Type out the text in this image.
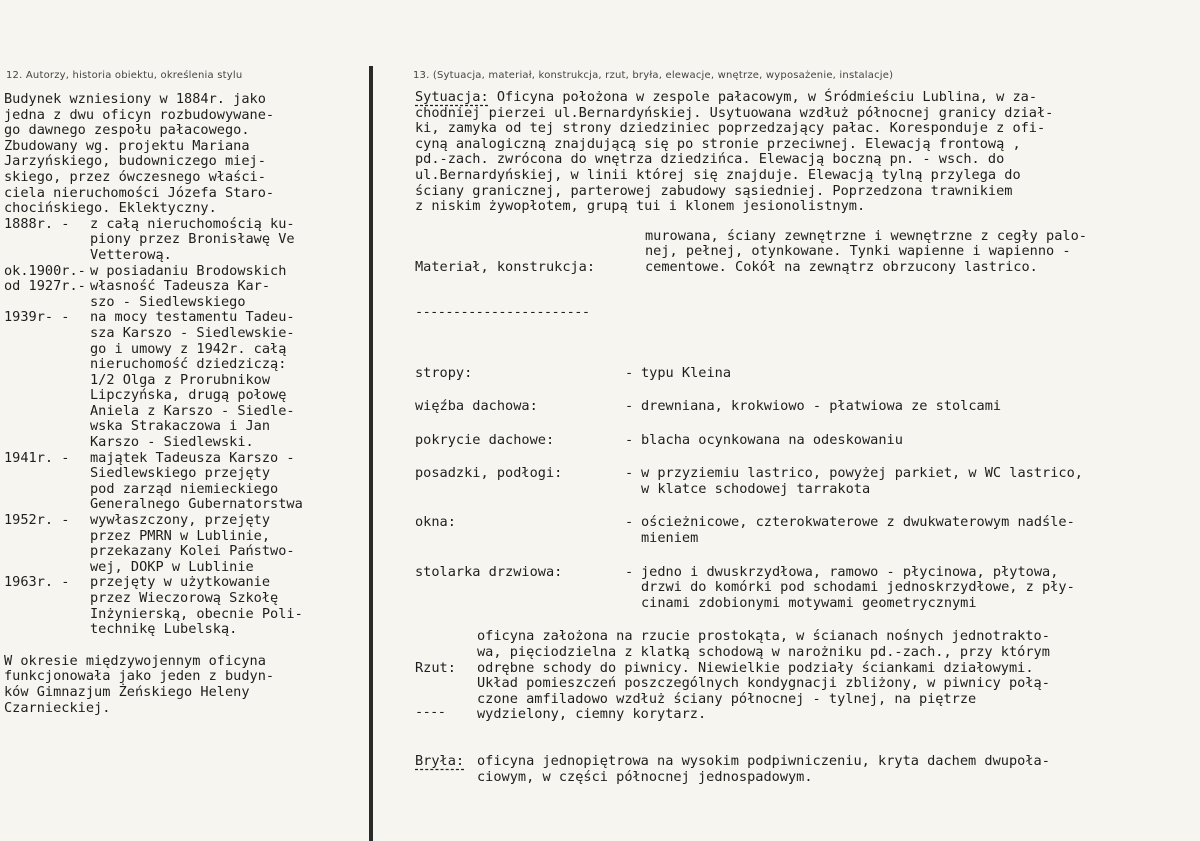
12. Autorzy, historia obiektu, określenia stylu	13. (Sytuacja, materiał, konstrukcja, rzut, bryła, elewacje, wnętrze, wyposażenie, instalacje)
Budynek wzniesiony w 1884r. jako
jedna z dwu oficyn rozbudowywane-
go dawnego zespołu pałacowego.
Zbudowany wg. projektu Mariana
Jarzyńskiego, budowniczego miej-
skiego, przez ówczesnego właści-
ciela nieruchomości Józefa Staro-
chocińskiego. Eklektyczny.
1888r. -	z całą nieruchomością ku-
piony przez Bronisławę Ve
Vetterową.
ok.1900r.- w posiadaniu Brodowskich
od 1927r.- własność Tadeusza Kar-
szo - Siedlewskiego
1939r- -	na mocy testamentu Tadeu-
sza Karszo - Siedlewskie-
go i umowy z 1942r. całą
nieruchomość dziedziczą:
1/2 Olga z Prorubnikow
Lipczyńska, drugą połowę
Aniela z Karszo - Siedle-
wska Strakaczowa i Jan
Karszo - Siedlewski.
1941r. -	majątek Tadeusza Karszo -
Siedlewskiego przejęty
pod zarząd niemieckiego
Generalnego Gubernatorstwa
1952r. -	wywłaszczony, przejęty
przez PMRN w Lublinie,
przekazany Kolei Państwo-
wej, DOKP w Lublinie
1963r. -	przejęty w użytkowanie
przez Wieczorową Szkołę
Inżynierską, obecnie Poli-
technikę Lubelską.
W okresie międzywojennym oficyna
funkcjonowała jako jeden z budyn-
ków Gimnazjum Żeńskiego Heleny
Czarnieckiej.
Sytuacja: Oficyna położona w zespole pałacowym, w Śródmieściu Lublina, w za-
chodniej pierzei ul.Bernardyńskiej. Usytuowana wzdłuż północnej granicy dział-
ki, zamyka od tej strony dziedziniec poprzedzający pałac. Koresponduje z ofi-
cyną analogiczną znajdującą się po stronie przeciwnej. Elewacją frontową ,
pd.-zach. zwrócona do wnętrza dziedzińca. Elewacją boczną pn. - wsch. do
ul.Bernardyńskiej, w linii której się znajduje. Elewacją tylną przylega do
ściany granicznej, parterowej zabudowy sąsiedniej. Poprzedzona trawnikiem
z niskim żywopłotem, grupą tui i klonem jesionolistnym.

Materiał, konstrukcja:

-----------------------

murowana, ściany zewnętrzne i wewnętrzne z cegły palo-
nej, pełnej, otynkowane. Tynki wapienne i wapienno -
cementowe. Cokół na zewnątrz obrzucony lastrico.
stropy:	- typu Kleina
więźba dachowa:	- drewniana, krokwiowo - płatwiowa ze stolcami
pokrycie dachowe:	- blacha ocynkowana na odeskowaniu
posadzki, podłogi:	- w przyziemiu lastrico, powyżej parkiet, w WC lastrico,
w klatce schodowej tarrakota
okna:	- ościeżnicowe, czterokwaterowe z dwukwaterowym nadśle-
mieniem
stolarka drzwiowa:	- jedno i dwuskrzydłowa, ramowo - płycinowa, płytowa,
drzwi do komórki pod schodami jednoskrzydłowe, z pły-
cinami zdobionymi motywami geometrycznymi

Rzut:

----

oficyna założona na rzucie prostokąta, w ścianach nośnych jednotrakto-
wa, pięciodzielna z klatką schodową w narożniku pd.-zach., przy którym
odrębne schody do piwnicy. Niewielkie podziały ściankami działowymi.
Układ pomieszczeń poszczególnych kondygnacji zbliżony, w piwnicy połą-
czone amfiladowo wzdłuż ściany północnej - tylnej, na piętrze
wydzielony, ciemny korytarz.
Bryła: oficyna jednopiętrowa na wysokim podpiwniczeniu, kryta dachem dwupoła-
ciowym, w części północnej jednospadowym.
